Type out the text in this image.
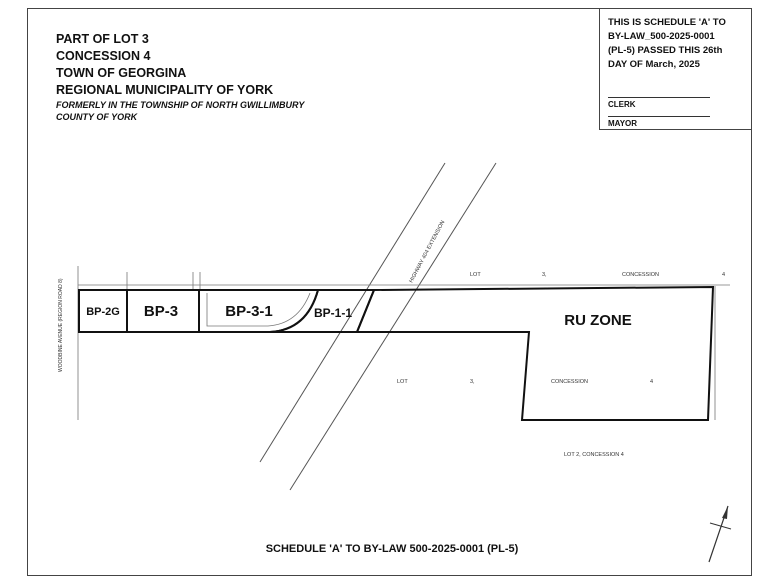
PART OF LOT 3
CONCESSION 4
TOWN OF GEORGINA
REGIONAL MUNICIPALITY OF YORK
FORMERLY IN THE TOWNSHIP OF NORTH GWILLIMBURY
COUNTY OF YORK
THIS IS SCHEDULE 'A' TO
BY-LAW_500-2025-0001
(PL-5) PASSED THIS 26th
DAY OF March, 2025
CLERK
MAYOR
BP-2G BP-3	BP-3-1	BP-1-1	RU ZONE
HIGHWAY 404 EXTENSION
WOODBINE AVENUE (REGION ROAD 8)
LOT	3,	CONCESSION	4
LOT	3,	CONCESSION	4
LOT 2, CONCESSION 4
SCHEDULE 'A' TO BY-LAW 500-2025-0001 (PL-5)
